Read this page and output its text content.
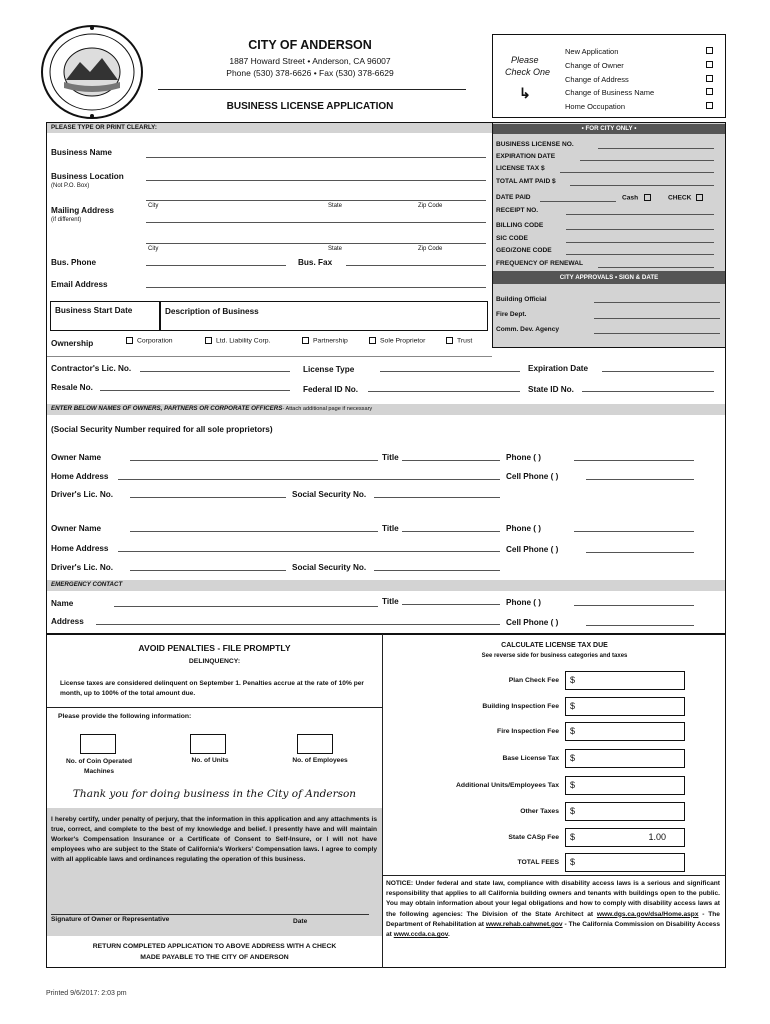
CITY OF ANDERSON
1887 Howard Street • Anderson, CA 96007
Phone (530) 378-6626 • Fax (530) 378-6629
BUSINESS LICENSE APPLICATION
Please
Check One
↳
New Application
Change of Owner
Change of Address
Change of Business Name
Home Occupation
PLEASE TYPE OR PRINT CLEARLY:	• FOR CITY ONLY •
BUSINESS LICENSE NO.
EXPIRATION DATE
LICENSE TAX $
TOTAL AMT PAID $
DATE PAID	Cash	CHECK
RECEIPT NO.
BILLING CODE
SIC CODE
GEO/ZONE CODE
FREQUENCY OF RENEWAL
CITY APPROVALS • SIGN & DATE
Building Official
Fire Dept.
Comm. Dev. Agency
Business Name
Business Location
(Not P.O. Box)
Mailing Address
(if different)
City	State	Zip Code
City	State	Zip Code
Bus. Phone	Bus. Fax
Email Address
Business Start Date	Description of Business
Ownership	Corporation	Ltd. Liability Corp.	Partnership	Sole Proprietor	Trust
Contractor's Lic. No.	License Type	Expiration Date
Resale No.	Federal ID No.	State ID No.
ENTER BELOW NAMES OF OWNERS, PARTNERS OR CORPORATE OFFICERS- Attach additional page if necessary
(Social Security Number required for all sole proprietors)
Owner Name	Title	Phone ( )
Home Address	Cell Phone ( )
Driver's Lic. No.	Social Security No.
Owner Name	Title	Phone ( )
Home Address	Cell Phone ( )
Driver's Lic. No.	Social Security No.
EMERGENCY CONTACT
Name	Title	Phone ( )
Address	Cell Phone ( )
AVOID PENALTIES - FILE PROMPTLY
DELINQUENCY:
License taxes are considered delinquent on September 1. Penalties accrue at the rate of 10% per month, up to 100% of the total amount due.
Please provide the following information:
No. of Coin Operated Machines
No. of Units	No. of Employees
Thank you for doing business in the City of Anderson
I hereby certify, under penalty of perjury, that the information in this application and any attachments is true, correct, and complete to the best of my knowledge and belief. I presently have and will maintain Worker's Compensation Insurance or a Certificate of Consent to Self-Insure, or I will not have employees who are subject to the State of California's Workers' Compensation laws. I agree to comply with all applicable laws and ordinances regulating the operation of this business.
Signature of Owner or Representative	Date
RETURN COMPLETED APPLICATION TO ABOVE ADDRESS WITH A CHECK
MADE PAYABLE TO THE CITY OF ANDERSON
CALCULATE LICENSE TAX DUE
See reverse side for business categories and taxes
Plan Check Fee	$
Building Inspection Fee	$
Fire Inspection Fee	$
Base License Tax	$
Additional Units/Employees Tax	$
Other Taxes	$
State CASp Fee	$	1.00
TOTAL FEES	$
NOTICE: Under federal and state law, compliance with disability access laws is a serious and significant responsibility that applies to all California building owners and tenants with buildings open to the public. You may obtain information about your legal obligations and how to comply with disability access laws at the following agencies: The Division of the State Architect at www.dgs.ca.gov/dsa/Home.aspx - The Department of Rehabilitation at www.rehab.cahwnet.gov - The California Commission on Disability Access at www.ccda.ca.gov.
Printed 9/6/2017: 2:03 pm
